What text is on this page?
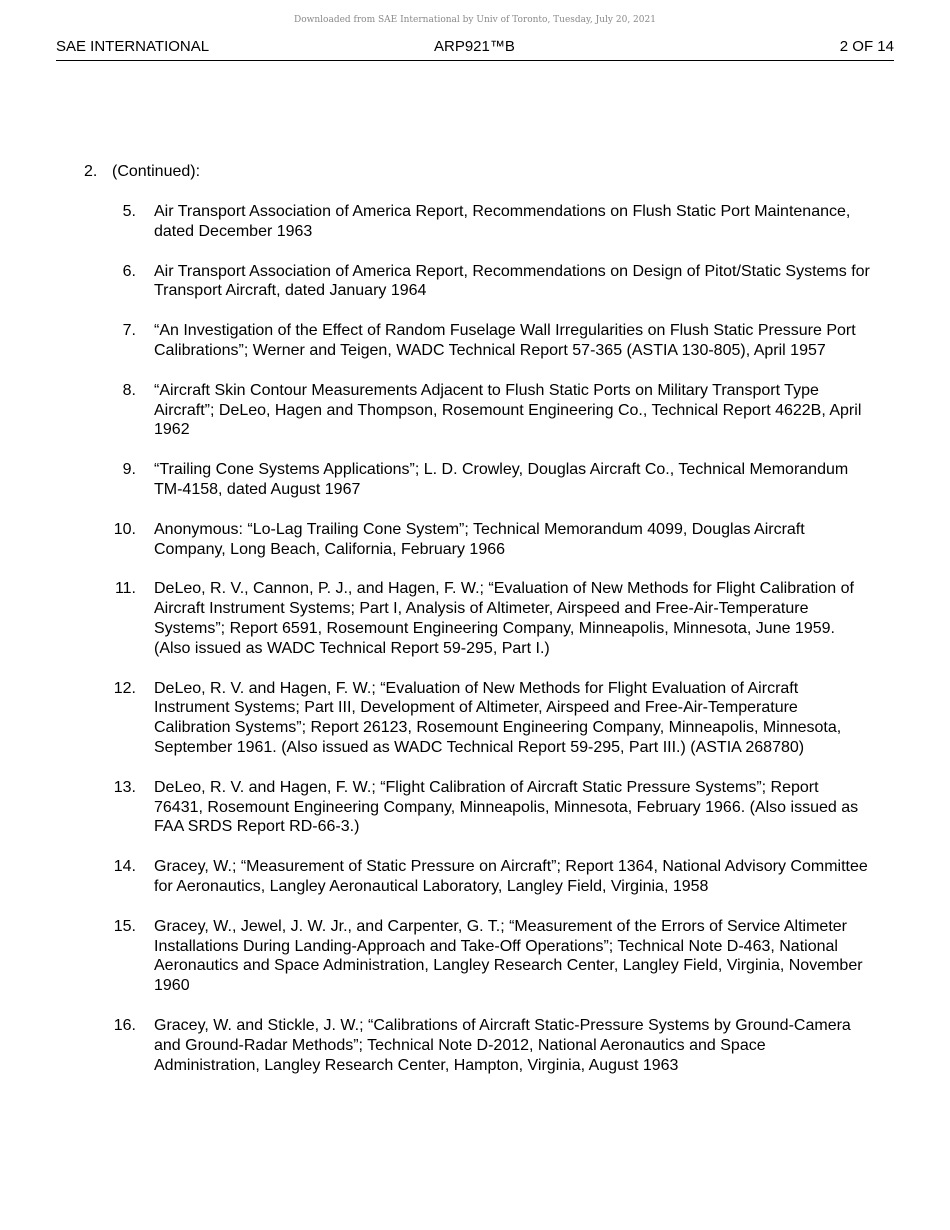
Downloaded from SAE International by Univ of Toronto, Tuesday, July 20, 2021
SAE INTERNATIONAL	ARP921™B	2 OF 14
2. (Continued):
5. Air Transport Association of America Report, Recommendations on Flush Static Port Maintenance, dated December 1963
6. Air Transport Association of America Report, Recommendations on Design of Pitot/Static Systems for Transport Aircraft, dated January 1964
7. “An Investigation of the Effect of Random Fuselage Wall Irregularities on Flush Static Pressure Port Calibrations”; Werner and Teigen, WADC Technical Report 57-365 (ASTIA 130-805), April 1957
8. “Aircraft Skin Contour Measurements Adjacent to Flush Static Ports on Military Transport Type Aircraft”; DeLeo, Hagen and Thompson, Rosemount Engineering Co., Technical Report 4622B, April 1962
9. “Trailing Cone Systems Applications”; L. D. Crowley, Douglas Aircraft Co., Technical Memorandum TM-4158, dated August 1967
10. Anonymous: “Lo-Lag Trailing Cone System”; Technical Memorandum 4099, Douglas Aircraft Company, Long Beach, California, February 1966
11. DeLeo, R. V., Cannon, P. J., and Hagen, F. W.; “Evaluation of New Methods for Flight Calibration of Aircraft Instrument Systems; Part I, Analysis of Altimeter, Airspeed and Free-Air-Temperature Systems”; Report 6591, Rosemount Engineering Company, Minneapolis, Minnesota, June 1959. (Also issued as WADC Technical Report 59-295, Part I.)
12. DeLeo, R. V. and Hagen, F. W.; “Evaluation of New Methods for Flight Evaluation of Aircraft Instrument Systems; Part III, Development of Altimeter, Airspeed and Free-Air-Temperature Calibration Systems”; Report 26123, Rosemount Engineering Company, Minneapolis, Minnesota, September 1961. (Also issued as WADC Technical Report 59-295, Part III.) (ASTIA 268780)
13. DeLeo, R. V. and Hagen, F. W.; “Flight Calibration of Aircraft Static Pressure Systems”; Report 76431, Rosemount Engineering Company, Minneapolis, Minnesota, February 1966. (Also issued as FAA SRDS Report RD-66-3.)
14. Gracey, W.; “Measurement of Static Pressure on Aircraft”; Report 1364, National Advisory Committee for Aeronautics, Langley Aeronautical Laboratory, Langley Field, Virginia, 1958
15. Gracey, W., Jewel, J. W. Jr., and Carpenter, G. T.; “Measurement of the Errors of Service Altimeter Installations During Landing-Approach and Take-Off Operations”; Technical Note D-463, National Aeronautics and Space Administration, Langley Research Center, Langley Field, Virginia, November 1960
16. Gracey, W. and Stickle, J. W.; “Calibrations of Aircraft Static-Pressure Systems by Ground-Camera and Ground-Radar Methods”; Technical Note D-2012, National Aeronautics and Space Administration, Langley Research Center, Hampton, Virginia, August 1963
